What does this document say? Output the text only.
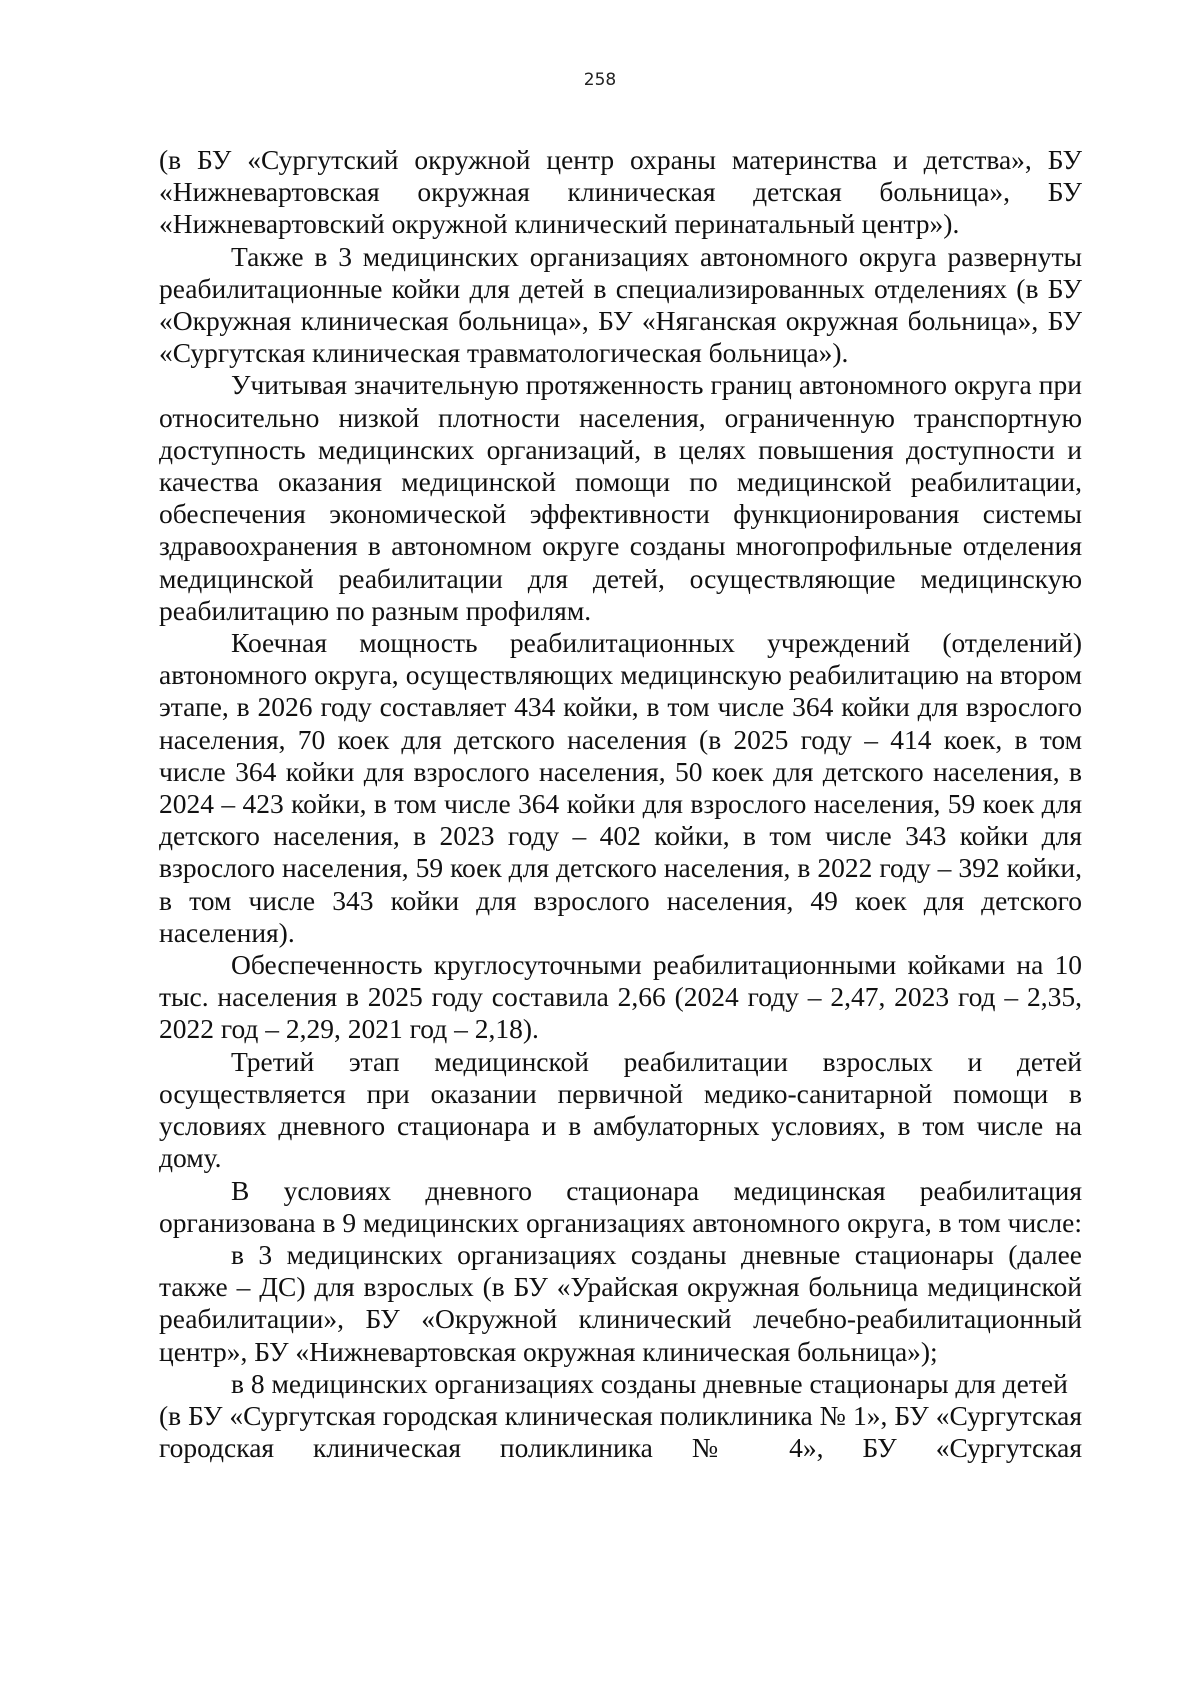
258

(в БУ «Сургутский окружной центр охраны материнства и детства», БУ «Нижневартовская окружная клиническая детская больница», БУ «Нижневартовский окружной клинический перинатальный центр»).

Также в 3 медицинских организациях автономного округа развернуты реабилитационные койки для детей в специализированных отделениях (в БУ «Окружная клиническая больница», БУ «Няганская окружная больница», БУ «Сургутская клиническая травматологическая больница»).

Учитывая значительную протяженность границ автономного округа при относительно низкой плотности населения, ограниченную транспортную доступность медицинских организаций, в целях повышения доступности и качества оказания медицинской помощи по медицинской реабилитации, обеспечения экономической эффективности функционирования системы здравоохранения в автономном округе созданы многопрофильные отделения медицинской реабилитации для детей, осуществляющие медицинскую реабилитацию по разным профилям.

Коечная мощность реабилитационных учреждений (отделений) автономного округа, осуществляющих медицинскую реабилитацию на втором этапе, в 2026 году составляет 434 койки, в том числе 364 койки для взрослого населения, 70 коек для детского населения (в 2025 году – 414 коек, в том числе 364 койки для взрослого населения, 50 коек для детского населения, в 2024 – 423 койки, в том числе 364 койки для взрослого населения, 59 коек для детского населения, в 2023 году – 402 койки, в том числе 343 койки для взрослого населения, 59 коек для детского населения, в 2022 году – 392 койки, в том числе 343 койки для взрослого населения, 49 коек для детского населения).

Обеспеченность круглосуточными реабилитационными койками на 10 тыс. населения в 2025 году составила 2,66 (2024 году – 2,47, 2023 год – 2,35, 2022 год – 2,29, 2021 год – 2,18).

Третий этап медицинской реабилитации взрослых и детей осуществляется при оказании первичной медико-санитарной помощи в условиях дневного стационара и в амбулаторных условиях, в том числе на дому.

В условиях дневного стационара медицинская реабилитация организована в 9 медицинских организациях автономного округа, в том числе:

в 3 медицинских организациях созданы дневные стационары (далее также – ДС) для взрослых (в БУ «Урайская окружная больница медицинской реабилитации», БУ «Окружной клинический лечебно-реабилитационный центр», БУ «Нижневартовская окружная клиническая больница»);

в 8 медицинских организациях созданы дневные стационары для детей

(в БУ «Сургутская городская клиническая поликлиника № 1», БУ «Сургутская городская клиническая поликлиника № 4», БУ «Сургутская
